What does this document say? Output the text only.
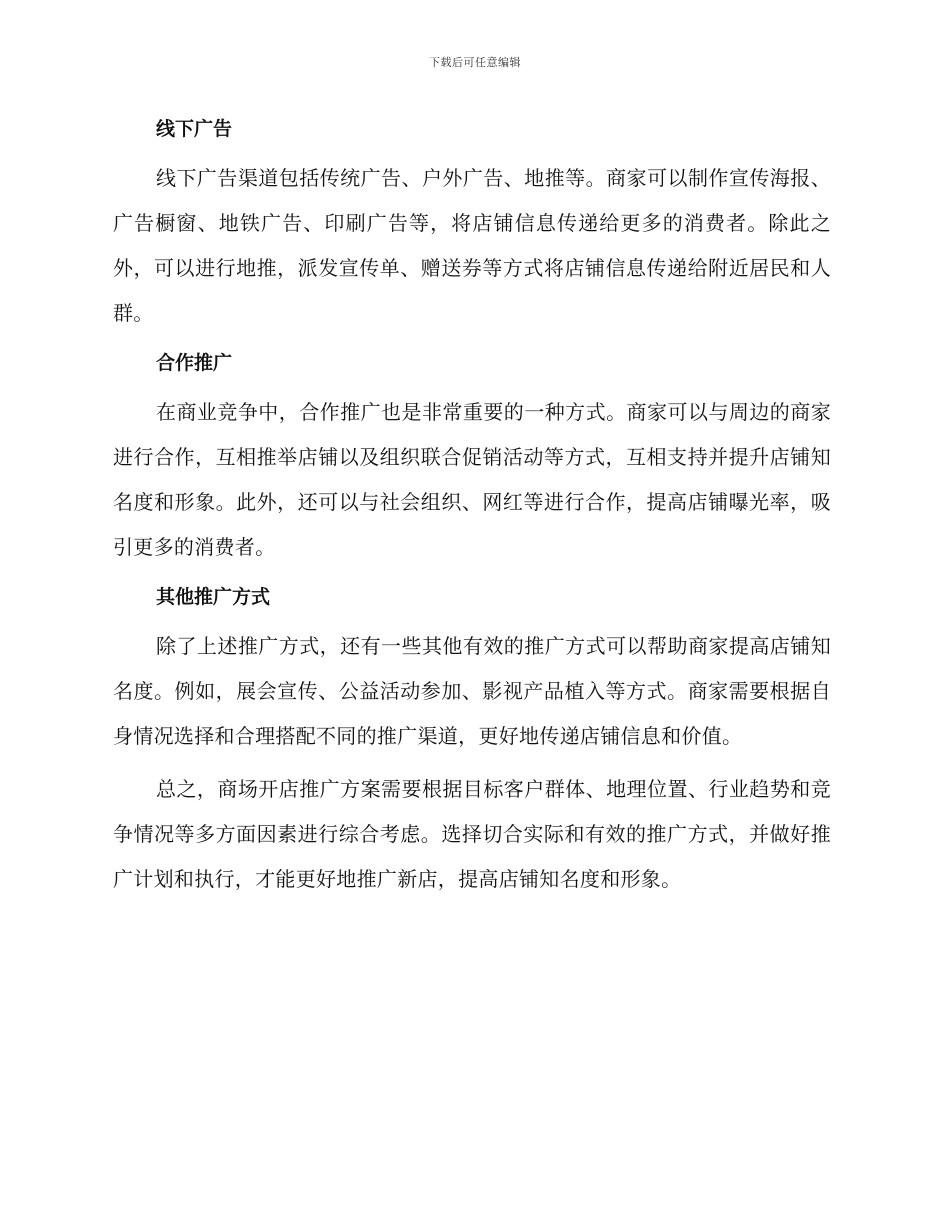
下载后可任意编辑
线下广告

线下广告渠道包括传统广告、户外广告、地推等。商家可以制作宣传海报、广告橱窗、地铁广告、印刷广告等，将店铺信息传递给更多的消费者。除此之外，可以进行地推，派发宣传单、赠送券等方式将店铺信息传递给附近居民和人群。

合作推广

在商业竞争中，合作推广也是非常重要的一种方式。商家可以与周边的商家进行合作，互相推举店铺以及组织联合促销活动等方式，互相支持并提升店铺知名度和形象。此外，还可以与社会组织、网红等进行合作，提高店铺曝光率，吸引更多的消费者。

其他推广方式

除了上述推广方式，还有一些其他有效的推广方式可以帮助商家提高店铺知名度。例如，展会宣传、公益活动参加、影视产品植入等方式。商家需要根据自身情况选择和合理搭配不同的推广渠道，更好地传递店铺信息和价值。

总之，商场开店推广方案需要根据目标客户群体、地理位置、行业趋势和竞争情况等多方面因素进行综合考虑。选择切合实际和有效的推广方式，并做好推广计划和执行，才能更好地推广新店，提高店铺知名度和形象。
